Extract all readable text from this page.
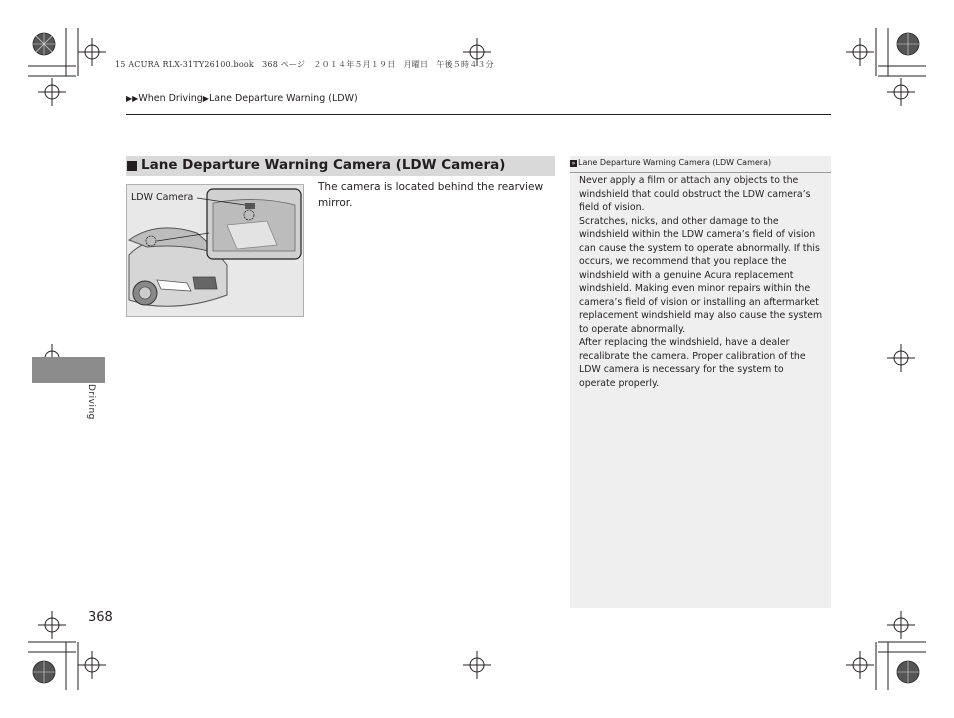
15 ACURA RLX-31TY26100.book　368 ページ　２０１４年５月１９日　月曜日　午後５時４３分
▶▶When Driving▶Lane Departure Warning (LDW)
Driving
Lane Departure Warning Camera (LDW Camera)
LDW Camera
The camera is located behind the rearview mirror.
» Lane Departure Warning Camera (LDW Camera)

Never apply a film or attach any objects to the windshield that could obstruct the LDW camera’s field of vision.

Scratches, nicks, and other damage to the windshield within the LDW camera’s field of vision can cause the system to operate abnormally. If this occurs, we recommend that you replace the windshield with a genuine Acura replacement windshield. Making even minor repairs within the camera’s field of vision or installing an aftermarket replacement windshield may also cause the system to operate abnormally.

After replacing the windshield, have a dealer recalibrate the camera. Proper calibration of the LDW camera is necessary for the system to operate properly.

368
